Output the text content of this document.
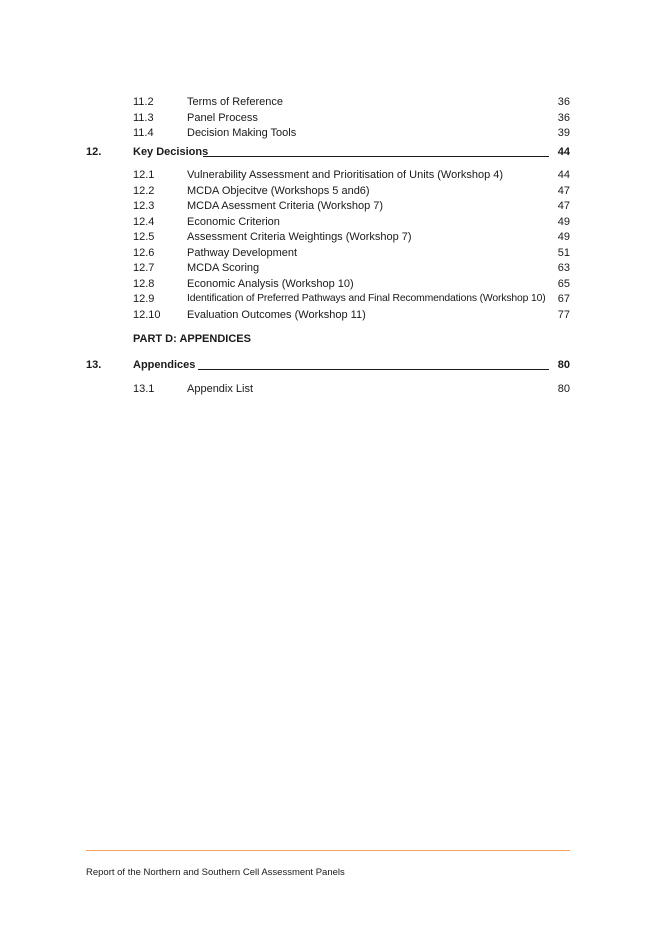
11.2	Terms of Reference	36
11.3	Panel Process	36
11.4	Decision Making Tools	39
12.	Key Decisions	44
12.1	Vulnerability Assessment and Prioritisation of Units (Workshop 4)	44
12.2	MCDA Objecitve (Workshops 5 and6)	47
12.3	MCDA Asessment Criteria (Workshop 7)	47
12.4	Economic Criterion	49
12.5	Assessment Criteria Weightings (Workshop 7)	49
12.6	Pathway Development	51
12.7	MCDA Scoring	63
12.8	Economic Analysis (Workshop 10)	65
12.9	Identification of Preferred Pathways and Final Recommendations (Workshop 10) 67
12.10 Evaluation Outcomes (Workshop 11)	77
PART D: APPENDICES
13.	Appendices	80
13.1	Appendix List	80
Report of the Northern and Southern Cell Assessment Panels
